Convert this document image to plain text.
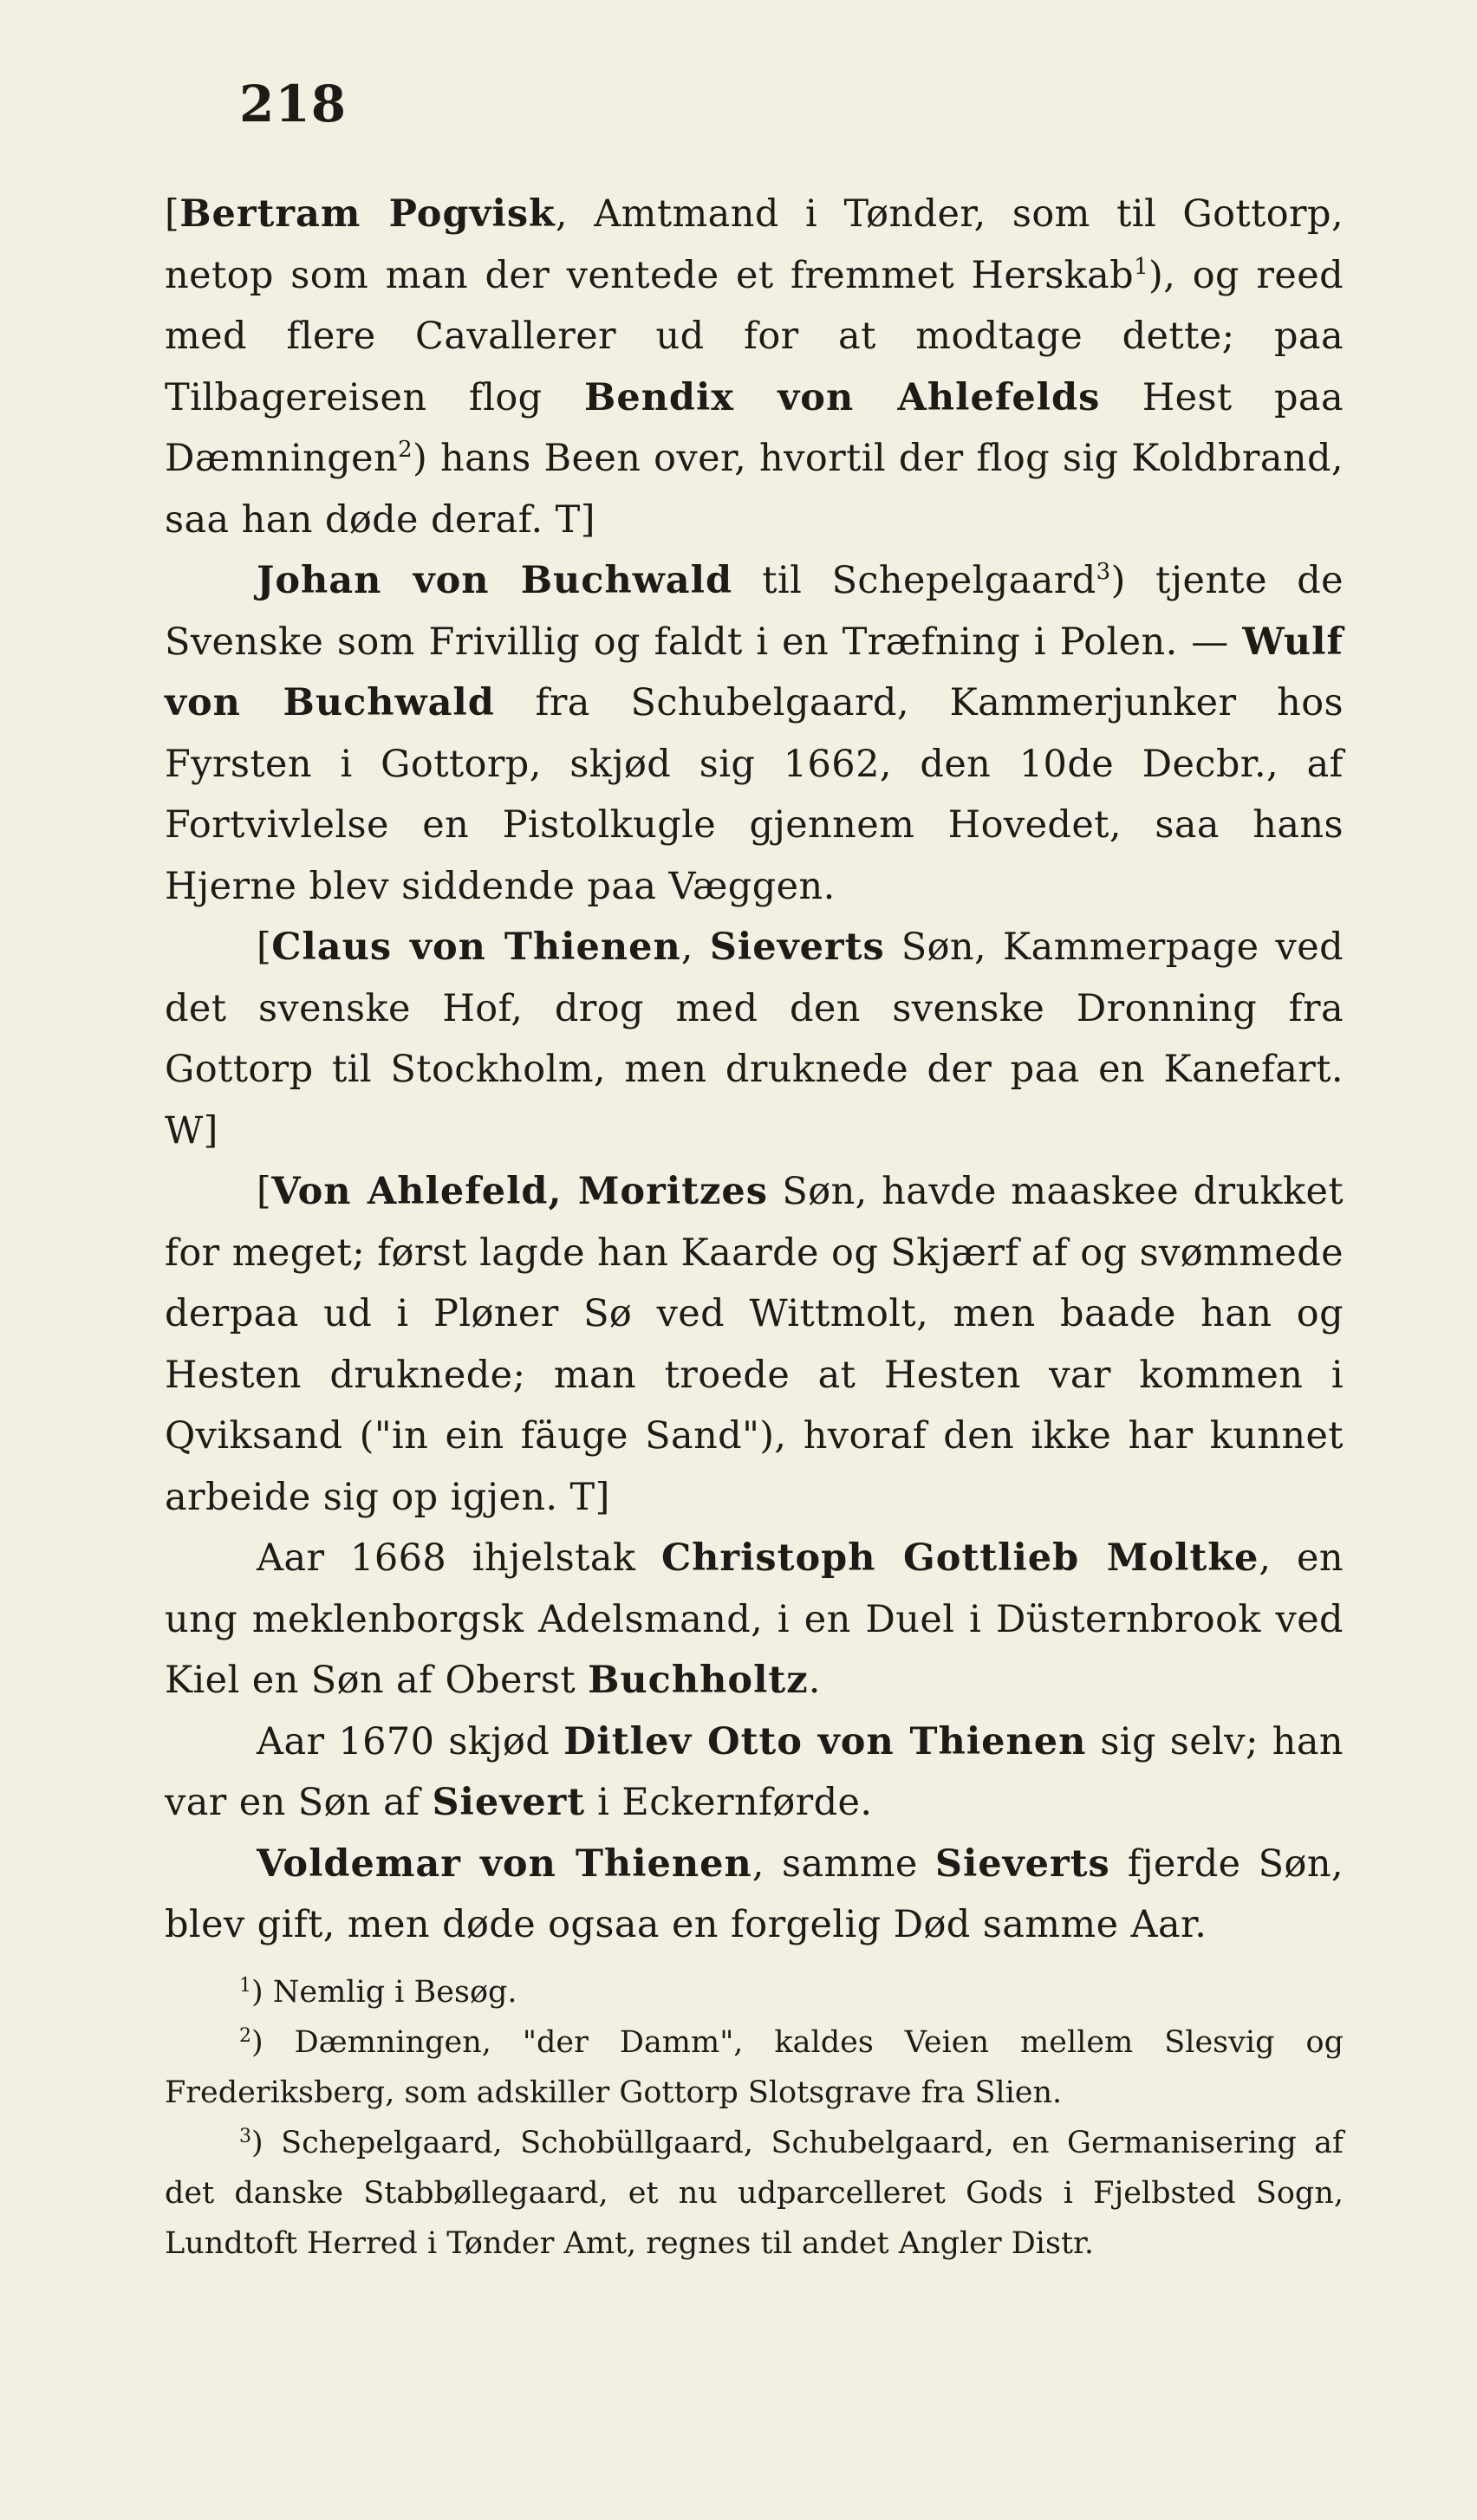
218

[Bertram Pogvisk, Amtmand i Tønder, som til Gottorp, netop som man der ventede et fremmet Herskab$^1$), og reed med flere Cavallerer ud for at modtage dette; paa Tilbagereisen flog Bendix von Ahlefelds Hest paa Dæmningen$^2$) hans Been over, hvortil der flog sig Koldbrand, saa han døde deraf. T]

Johan von Buchwald til Schepelgaard$^3$) tjente de Svenske som Frivillig og faldt i en Træfning i Polen. — Wulf von Buchwald fra Schubelgaard, Kammerjunker hos Fyrsten i Gottorp, skjød sig 1662, den 10de Decbr., af Fortvivlelse en Pistolkugle gjennem Hovedet, saa hans Hjerne blev siddende paa Væggen.

[Claus von Thienen, Sieverts Søn, Kammerpage ved det svenske Hof, drog med den svenske Dronning fra Gottorp til Stockholm, men druknede der paa en Kanefart. W]

[Von Ahlefeld, Moritzes Søn, havde maaskee drukket for meget; først lagde han Kaarde og Skjærf af og svømmede derpaa ud i Pløner Sø ved Wittmolt, men baade han og Hesten druknede; man troede at Hesten var kommen i Qviksand ("in ein fäuge Sand"), hvoraf den ikke har kunnet arbeide sig op igjen. T]

Aar 1668 ihjelstak Christoph Gottlieb Moltke, en ung meklenborgsk Adelsmand, i en Duel i Düsternbrook ved Kiel en Søn af Oberst Buchholtz.

Aar 1670 skjød Ditlev Otto von Thienen sig selv; han var en Søn af Sievert i Eckernførde.

Voldemar von Thienen, samme Sieverts fjerde Søn, blev gift, men døde ogsaa en forgelig Død samme Aar.

$^1$) Nemlig i Besøg.

$^2$) Dæmningen, "der Damm", kaldes Veien mellem Slesvig og Frederiksberg, som adskiller Gottorp Slotsgrave fra Slien.

$^3$) Schepelgaard, Schobüllgaard, Schubelgaard, en Germanisering af det danske Stabbøllegaard, et nu udparcelleret Gods i Fjelbsted Sogn, Lundtoft Herred i Tønder Amt, regnes til andet Angler Distr.
